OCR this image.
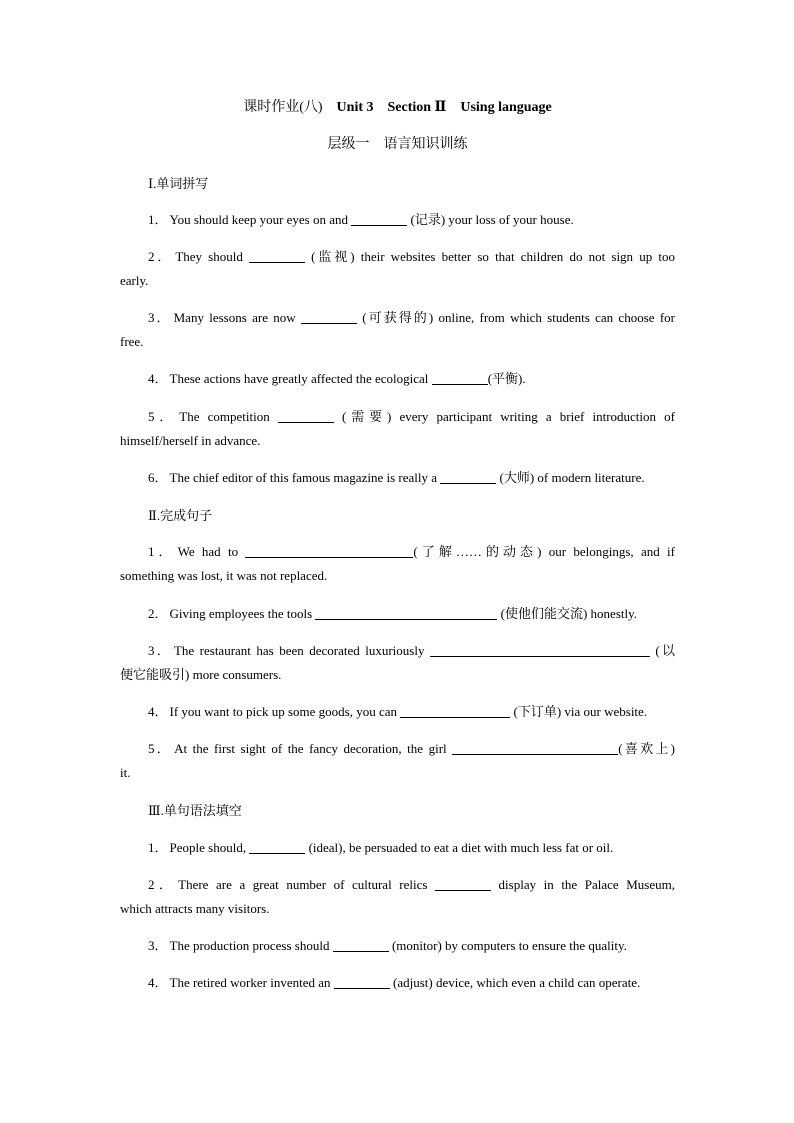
课时作业(八)　 Unit 3　Section Ⅱ　Using language
层级一　语言知识训练
Ⅰ.单词拼写
1． You should keep your eyes on and	(记录) your loss of your house.
2． They should	(监视) their websites better so that children do not sign up too
early.
3． Many lessons are now	(可获得的) online, from which students can choose for
free.
4． These actions have greatly affected the ecological	(平衡).
5． The competition	(需要) every participant writing a brief introduction of
himself/herself in advance.
6． The chief editor of this famous magazine is really a	(大师) of modern literature.
Ⅱ.完成句子
1． We had to	(了解……的动态) our belongings, and if
something was lost, it was not replaced.
2． Giving employees the tools	(使他们能交流) honestly.
3． The restaurant has been decorated luxuriously	(以
便它能吸引) more consumers.
4． If you want to pick up some goods, you can	(下订单) via our website.
5． At the first sight of the fancy decoration, the girl	(喜欢上)
it.
Ⅲ.单句语法填空
1． People should,	(ideal), be persuaded to eat a diet with much less fat or oil.
2． There are a great number of cultural relics	display in the Palace Museum,
which attracts many visitors.
3． The production process should	(monitor) by computers to ensure the quality.
4． The retired worker invented an	(adjust) device, which even a child can operate.
